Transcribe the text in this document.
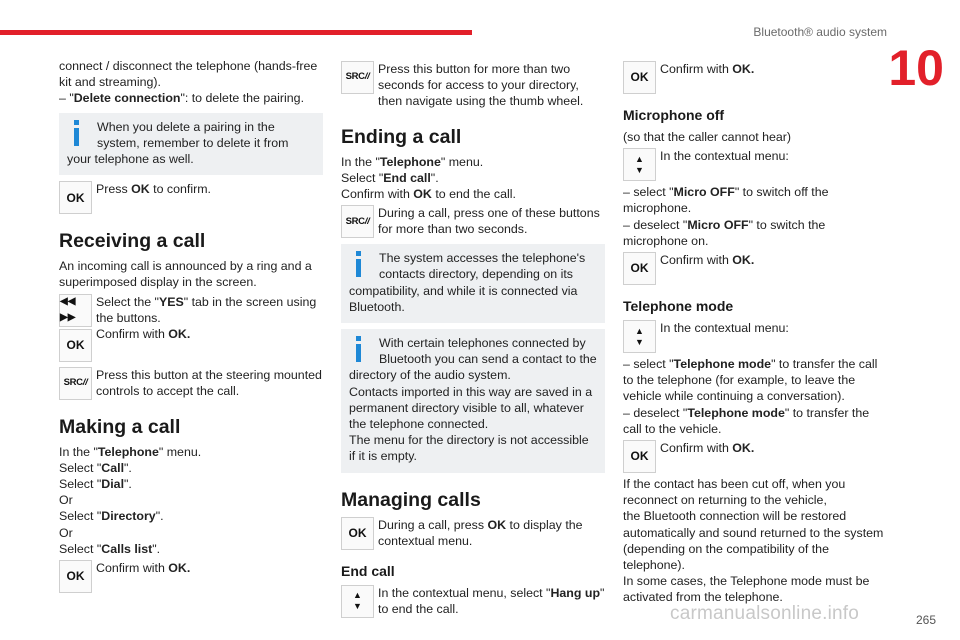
Bluetooth® audio system
10

connect / disconnect the telephone (hands-free kit and streaming).

– "Delete connection": to delete the pairing.

When you delete a pairing in the system, remember to delete it from your telephone as well.
OK
Press OK to confirm.
Receiving a call

An incoming call is announced by a ring and a superimposed display in the screen.

◀◀ ▶▶
OK
Select the "YES" tab in the screen using the buttons.
Confirm with OK.
SRC //
Press this button at the steering mounted controls to accept the call.
Making a call

In the "Telephone" menu.

Select "Call".

Select "Dial".

Or

Select "Directory".

Or

Select "Calls list".

OK
Confirm with OK.
SRC //
Press this button for more than two seconds for access to your directory, then navigate using the thumb wheel.
Ending a call

In the "Telephone" menu.

Select "End call".

Confirm with OK to end the call.

SRC //
During a call, press one of these buttons for more than two seconds.
The system accesses the telephone's contacts directory, depending on its compatibility, and while it is connected via Bluetooth.
With certain telephones connected by Bluetooth you can send a contact to the directory of the audio system.
Contacts imported in this way are saved in a permanent directory visible to all, whatever the telephone connected.
The menu for the directory is not accessible if it is empty.
Managing calls
OK
During a call, press OK to display the contextual menu.
End call
▲
▼
In the contextual menu, select "Hang up" to end the call.
OK
Confirm with OK.
Microphone off

(so that the caller cannot hear)

▲
▼
In the contextual menu:

– select "Micro OFF" to switch off the microphone.

– deselect "Micro OFF" to switch the microphone on.

OK
Confirm with OK.
Telephone mode
▲
▼
In the contextual menu:

– select "Telephone mode" to transfer the call to the telephone (for example, to leave the vehicle while continuing a conversation).

– deselect "Telephone mode" to transfer the call to the vehicle.

OK
Confirm with OK.

If the contact has been cut off, when you reconnect on returning to the vehicle,

the Bluetooth connection will be restored automatically and sound returned to the system (depending on the compatibility of the telephone).

In some cases, the Telephone mode must be activated from the telephone.

carmanualsonline.info	265
